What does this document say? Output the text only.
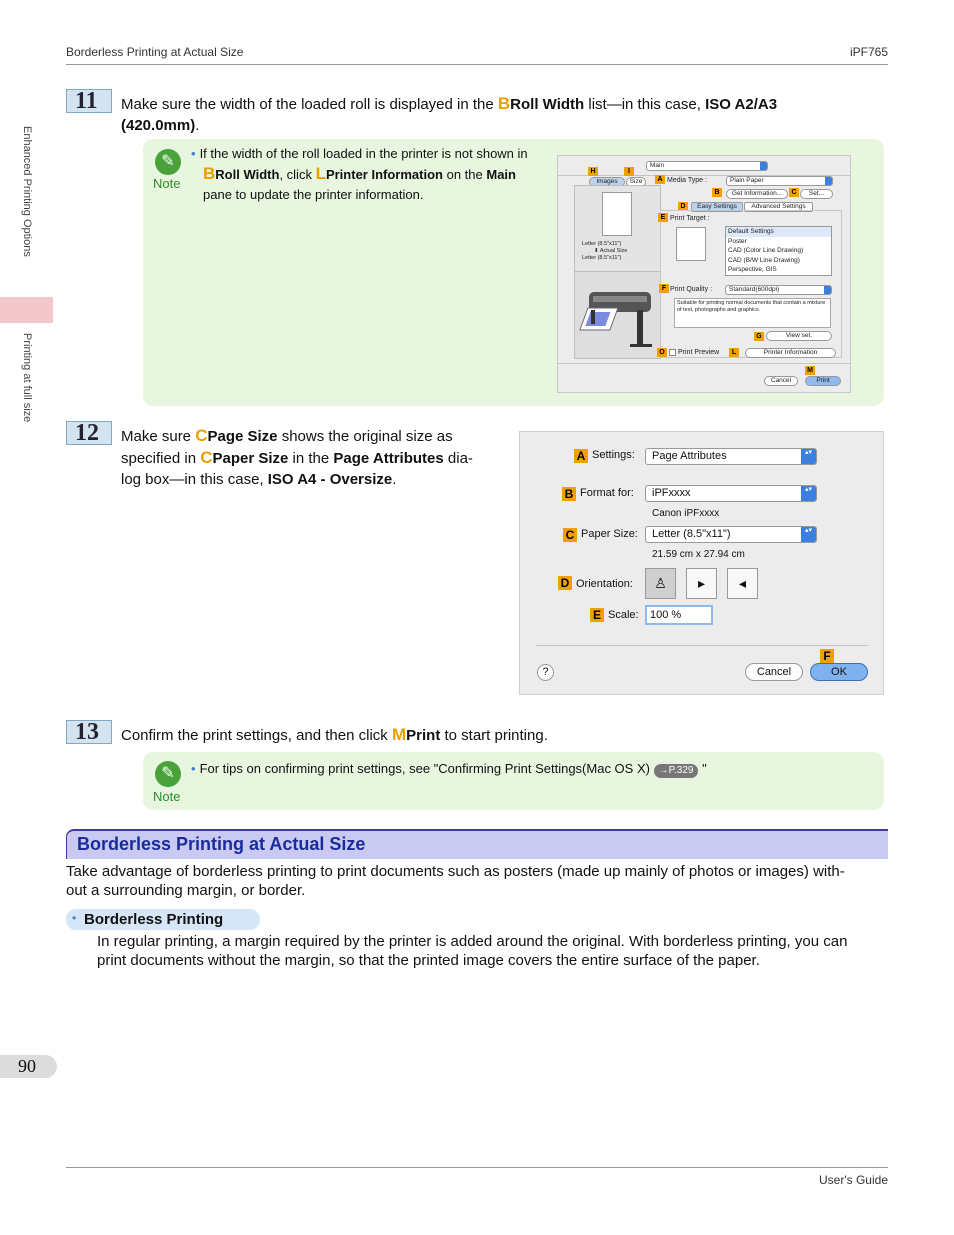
Borderless Printing at Actual Size	iPF765
Enhanced Printing Options
Printing at full size
11	Make sure the width of the loaded roll is displayed in the BRoll Width list—in this case, ISO A2/A3
(420.0mm).
✎
Note
• If the width of the roll loaded in the printer is not shown in
BRoll Width, click LPrinter Information on the Main
pane to update the printer information.
Main
H	I
Images	Size
Letter (8.5"x11")
⬇ Actual Size
Letter (8.5"x11")
A Media Type :	Plain Paper
B	Get Information...	C	Set...
D	Easy Settings	Advanced Settings
E Print Target :
Default Settings
Poster
CAD (Color Line Drawing)
CAD (B/W Line Drawing)
Perspective, GIS
F Print Quality :	Standard(600dpi)
Suitable for printing normal documents that contain a mixture of text, photographs and graphics.
G	View set.
O	Print Preview	L	Printer Information
M
Cancel	Print
12	Make sure CPage Size shows the original size as
specified in CPaper Size in the Page Attributes dia-
log box—in this case, ISO A4 - Oversize.
A Settings:	Page Attributes ▴▾
B Format for:	iPFxxxx ▴▾
Canon iPFxxxx
C Paper Size:	Letter (8.5"x11") ▴▾
21.59 cm x 27.94 cm
D Orientation:	♙	▸	◂
E Scale:	100 %
F
?	Cancel	OK
13	Confirm the print settings, and then click MPrint to start printing.
✎
Note
• For tips on confirming print settings, see "Confirming Print Settings(Mac OS X) →P.329 "
Borderless Printing at Actual Size
Take advantage of borderless printing to print documents such as posters (made up mainly of photos or images) with-
out a surrounding margin, or border.
• Borderless Printing
In regular printing, a margin required by the printer is added around the original. With borderless printing, you can
print documents without the margin, so that the printed image covers the entire surface of the paper.
90
User's Guide
